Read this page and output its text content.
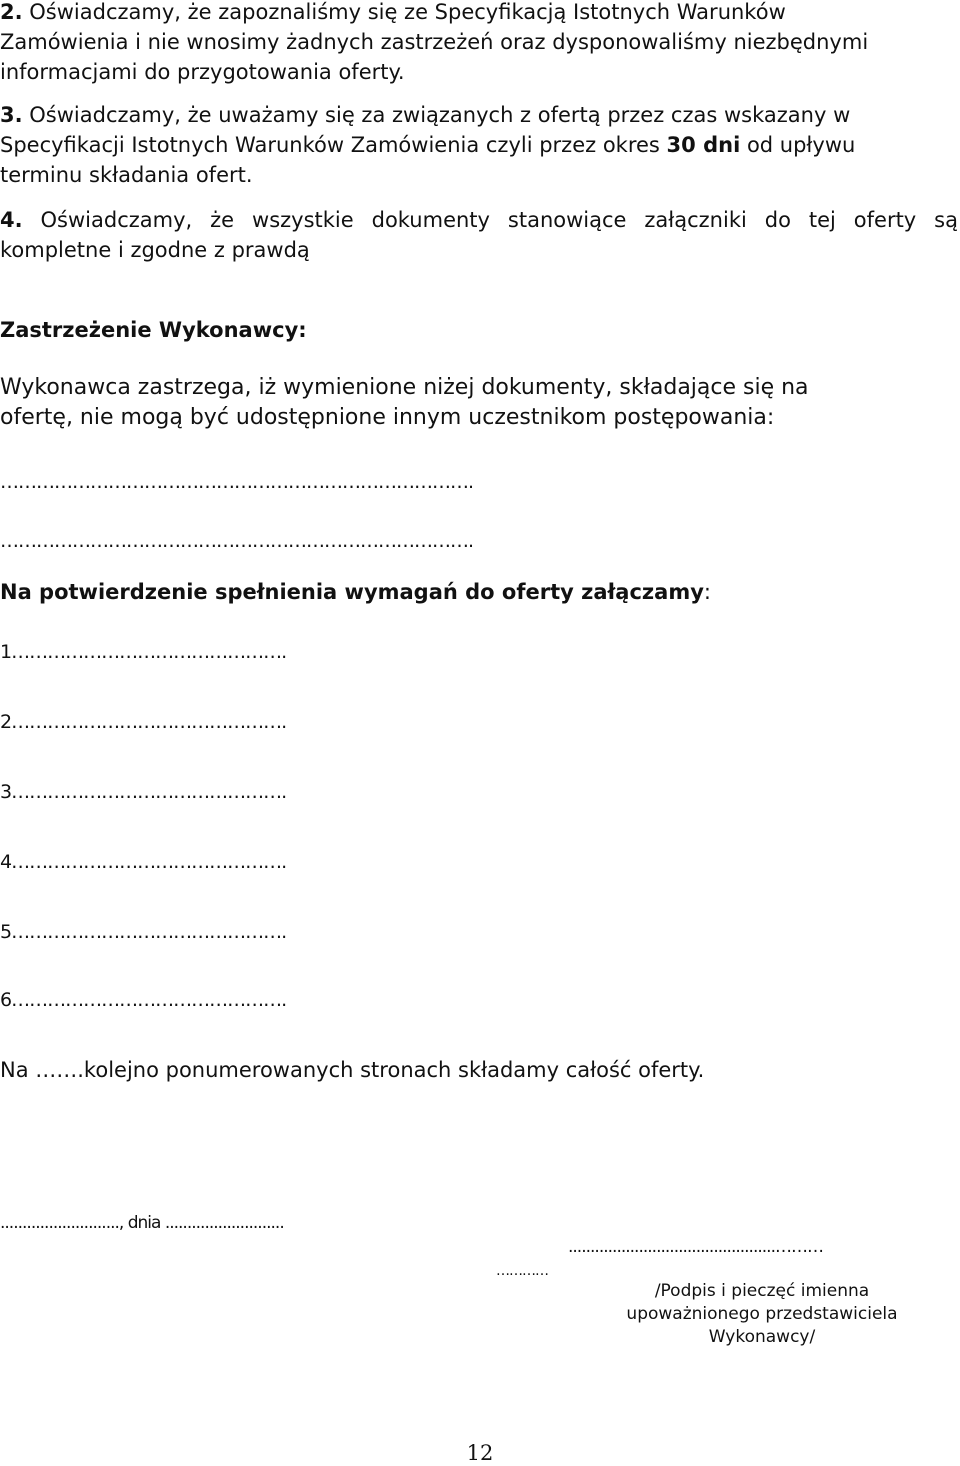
2. Oświadczamy, że zapoznaliśmy się ze Specyfikacją Istotnych Warunków
Zamówienia i nie wnosimy żadnych zastrzeżeń oraz dysponowaliśmy niezbędnymi
informacjami do przygotowania oferty.
3. Oświadczamy, że uważamy się za związanych z ofertą przez czas wskazany w
Specyfikacji Istotnych Warunków Zamówienia czyli przez okres 30 dni od upływu
terminu składania ofert.
4. Oświadczamy, że wszystkie dokumenty stanowiące załączniki do tej oferty są
kompletne i zgodne z prawdą
Zastrzeżenie Wykonawcy:
Wykonawca zastrzega, iż wymienione niżej dokumenty, składające się na
ofertę, nie mogą być udostępnione innym uczestnikom postępowania:
…………………………………………………………………….
…………………………………………………………………….
Na potwierdzenie spełnienia wymagań do oferty załączamy:
1……………………………………….
2……………………………………….
3……………………………………….
4……………………………………….
5……………………………………….
6……………………………………….
Na …….kolejno ponumerowanych stronach składamy całość oferty.
..........................., dnia ...........................
...............................................………
…………
/Podpis i pieczęć imienna
upoważnionego przedstawiciela
Wykonawcy/
12
